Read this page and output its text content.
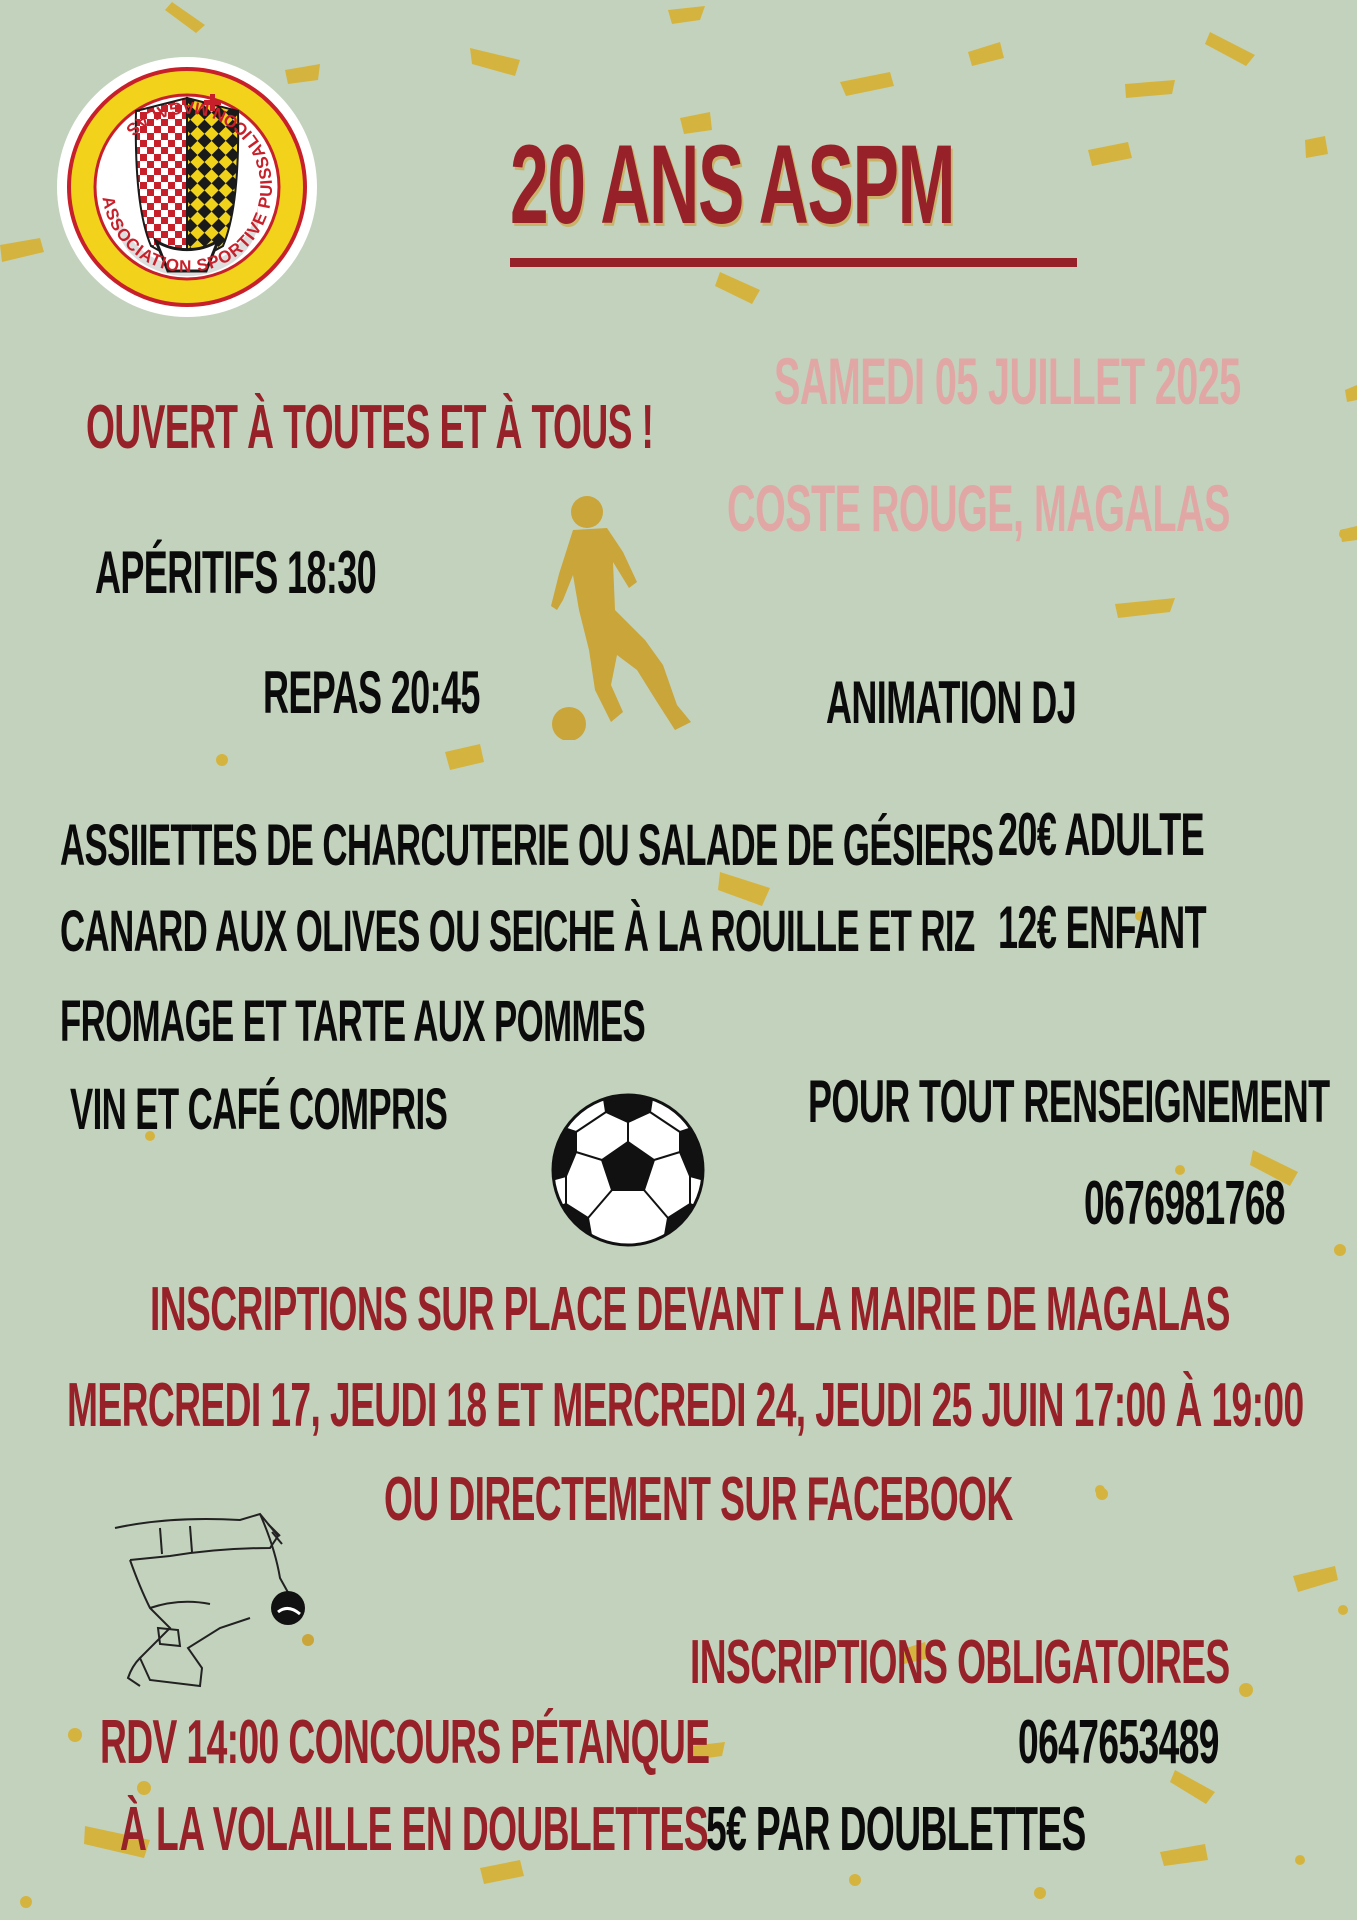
ASSOCIATION SPORTIVE PUISSALICON MAGALAS	20 ANS ASPM
SAMEDI 05 JUILLET 2025
COSTE ROUGE, MAGALAS
OUVERT À TOUTES ET À TOUS !
APÉRITIFS 18:30
REPAS 20:45	ANIMATION DJ
ASSIIETTES DE CHARCUTERIE OU SALADE DE GÉSIERS
CANARD AUX OLIVES OU SEICHE À LA ROUILLE ET RIZ
FROMAGE ET TARTE AUX POMMES
VIN ET CAFÉ COMPRIS
20€ ADULTE
12€ ENFANT
POUR TOUT RENSEIGNEMENT
0676981768
INSCRIPTIONS SUR PLACE DEVANT LA MAIRIE DE MAGALAS
MERCREDI 17, JEUDI 18 ET MERCREDI 24, JEUDI 25 JUIN 17:00 À 19:00
OU DIRECTEMENT SUR FACEBOOK
INSCRIPTIONS OBLIGATOIRES
0647653489
RDV 14:00 CONCOURS PÉTANQUE
À LA VOLAILLE EN DOUBLETTES
5€ PAR DOUBLETTES
